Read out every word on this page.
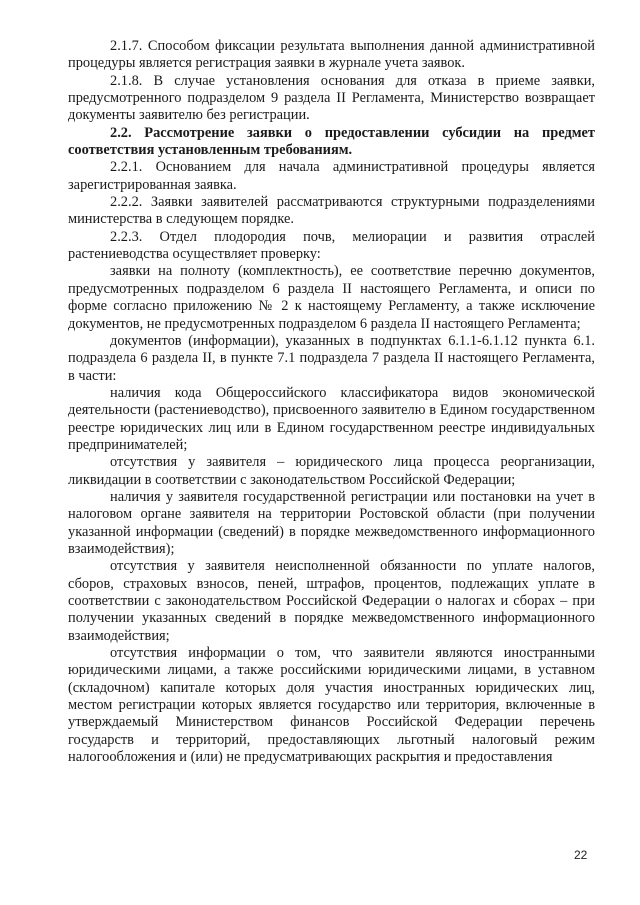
2.1.7. Способом фиксации результата выполнения данной административной процедуры является регистрация заявки в журнале учета заявок.

2.1.8. В случае установления основания для отказа в приеме заявки, предусмотренного подразделом 9 раздела II Регламента, Министерство возвращает документы заявителю без регистрации.

2.2. Рассмотрение заявки о предоставлении субсидии на предмет соответствия установленным требованиям.

2.2.1. Основанием для начала административной процедуры является зарегистрированная заявка.

2.2.2. Заявки заявителей рассматриваются структурными подразделениями министерства в следующем порядке.

2.2.3. Отдел плодородия почв, мелиорации и развития отраслей растениеводства осуществляет проверку:

заявки на полноту (комплектность), ее соответствие перечню документов, предусмотренных подразделом 6 раздела II настоящего Регламента, и описи по форме согласно приложению № 2 к настоящему Регламенту, а также исключение документов, не предусмотренных подразделом 6 раздела II настоящего Регламента;

документов (информации), указанных в подпунктах 6.1.1-6.1.12 пункта 6.1. подраздела 6 раздела II, в пункте 7.1 подраздела 7 раздела II настоящего Регламента, в части:

наличия кода Общероссийского классификатора видов экономической деятельности (растениеводство), присвоенного заявителю в Едином государственном реестре юридических лиц или в Едином государственном реестре индивидуальных предпринимателей;

отсутствия у заявителя – юридического лица процесса реорганизации, ликвидации в соответствии с законодательством Российской Федерации;

наличия у заявителя государственной регистрации или постановки на учет в налоговом органе заявителя на территории Ростовской области (при получении указанной информации (сведений) в порядке межведомственного информационного взаимодействия);

отсутствия у заявителя неисполненной обязанности по уплате налогов, сборов, страховых взносов, пеней, штрафов, процентов, подлежащих уплате в соответствии с законодательством Российской Федерации о налогах и сборах – при получении указанных сведений в порядке межведомственного информационного взаимодействия;

отсутствия информации о том, что заявители являются иностранными юридическими лицами, а также российскими юридическими лицами, в уставном (складочном) капитале которых доля участия иностранных юридических лиц, местом регистрации которых является государство или территория, включенные в утверждаемый Министерством финансов Российской Федерации перечень государств и территорий, предоставляющих льготный налоговый режим налогообложения и (или) не предусматривающих раскрытия и предоставления

22
